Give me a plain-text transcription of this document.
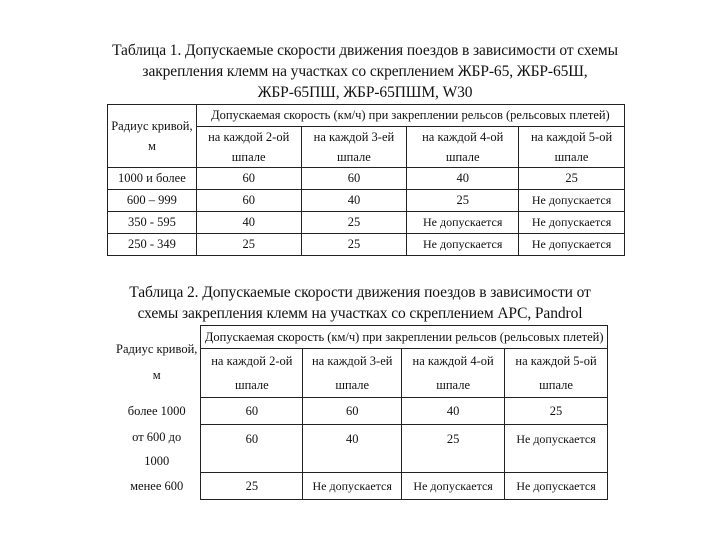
Таблица 1. Допускаемые скорости движения поездов в зависимости от схемы закрепления клемм на участках со скреплением ЖБР-65, ЖБР-65Ш, ЖБР-65ПШ, ЖБР-65ПШМ, W30
Радиус кривой, м	Допускаемая скорость (км/ч) при закреплении рельсов (рельсовых плетей)			
	на каждой 2-ой шпале	на каждой 3-ей шпале	на каждой 4-ой шпале	на каждой 5-ой шпале
1000 и более	60	60	40	25
600 – 999	60	40	25	Не допускается
350 - 595	40	25	Не допускается	Не допускается
250 - 349	25	25	Не допускается	Не допускается
Таблица 2. Допускаемые скорости движения поездов в зависимости от схемы закрепления клемм на участках со скреплением АРС, Pandrol
Радиус кривой, м	Допускаемая скорость (км/ч) при закреплении рельсов (рельсовых плетей)			
	на каждой 2-ой шпале	на каждой 3-ей шпале	на каждой 4-ой шпале	на каждой 5-ой шпале
более 1000	60	60	40	25
от 600 до 1000	60	40	25	Не допускается
менее 600	25	Не допускается	Не допускается	Не допускается
